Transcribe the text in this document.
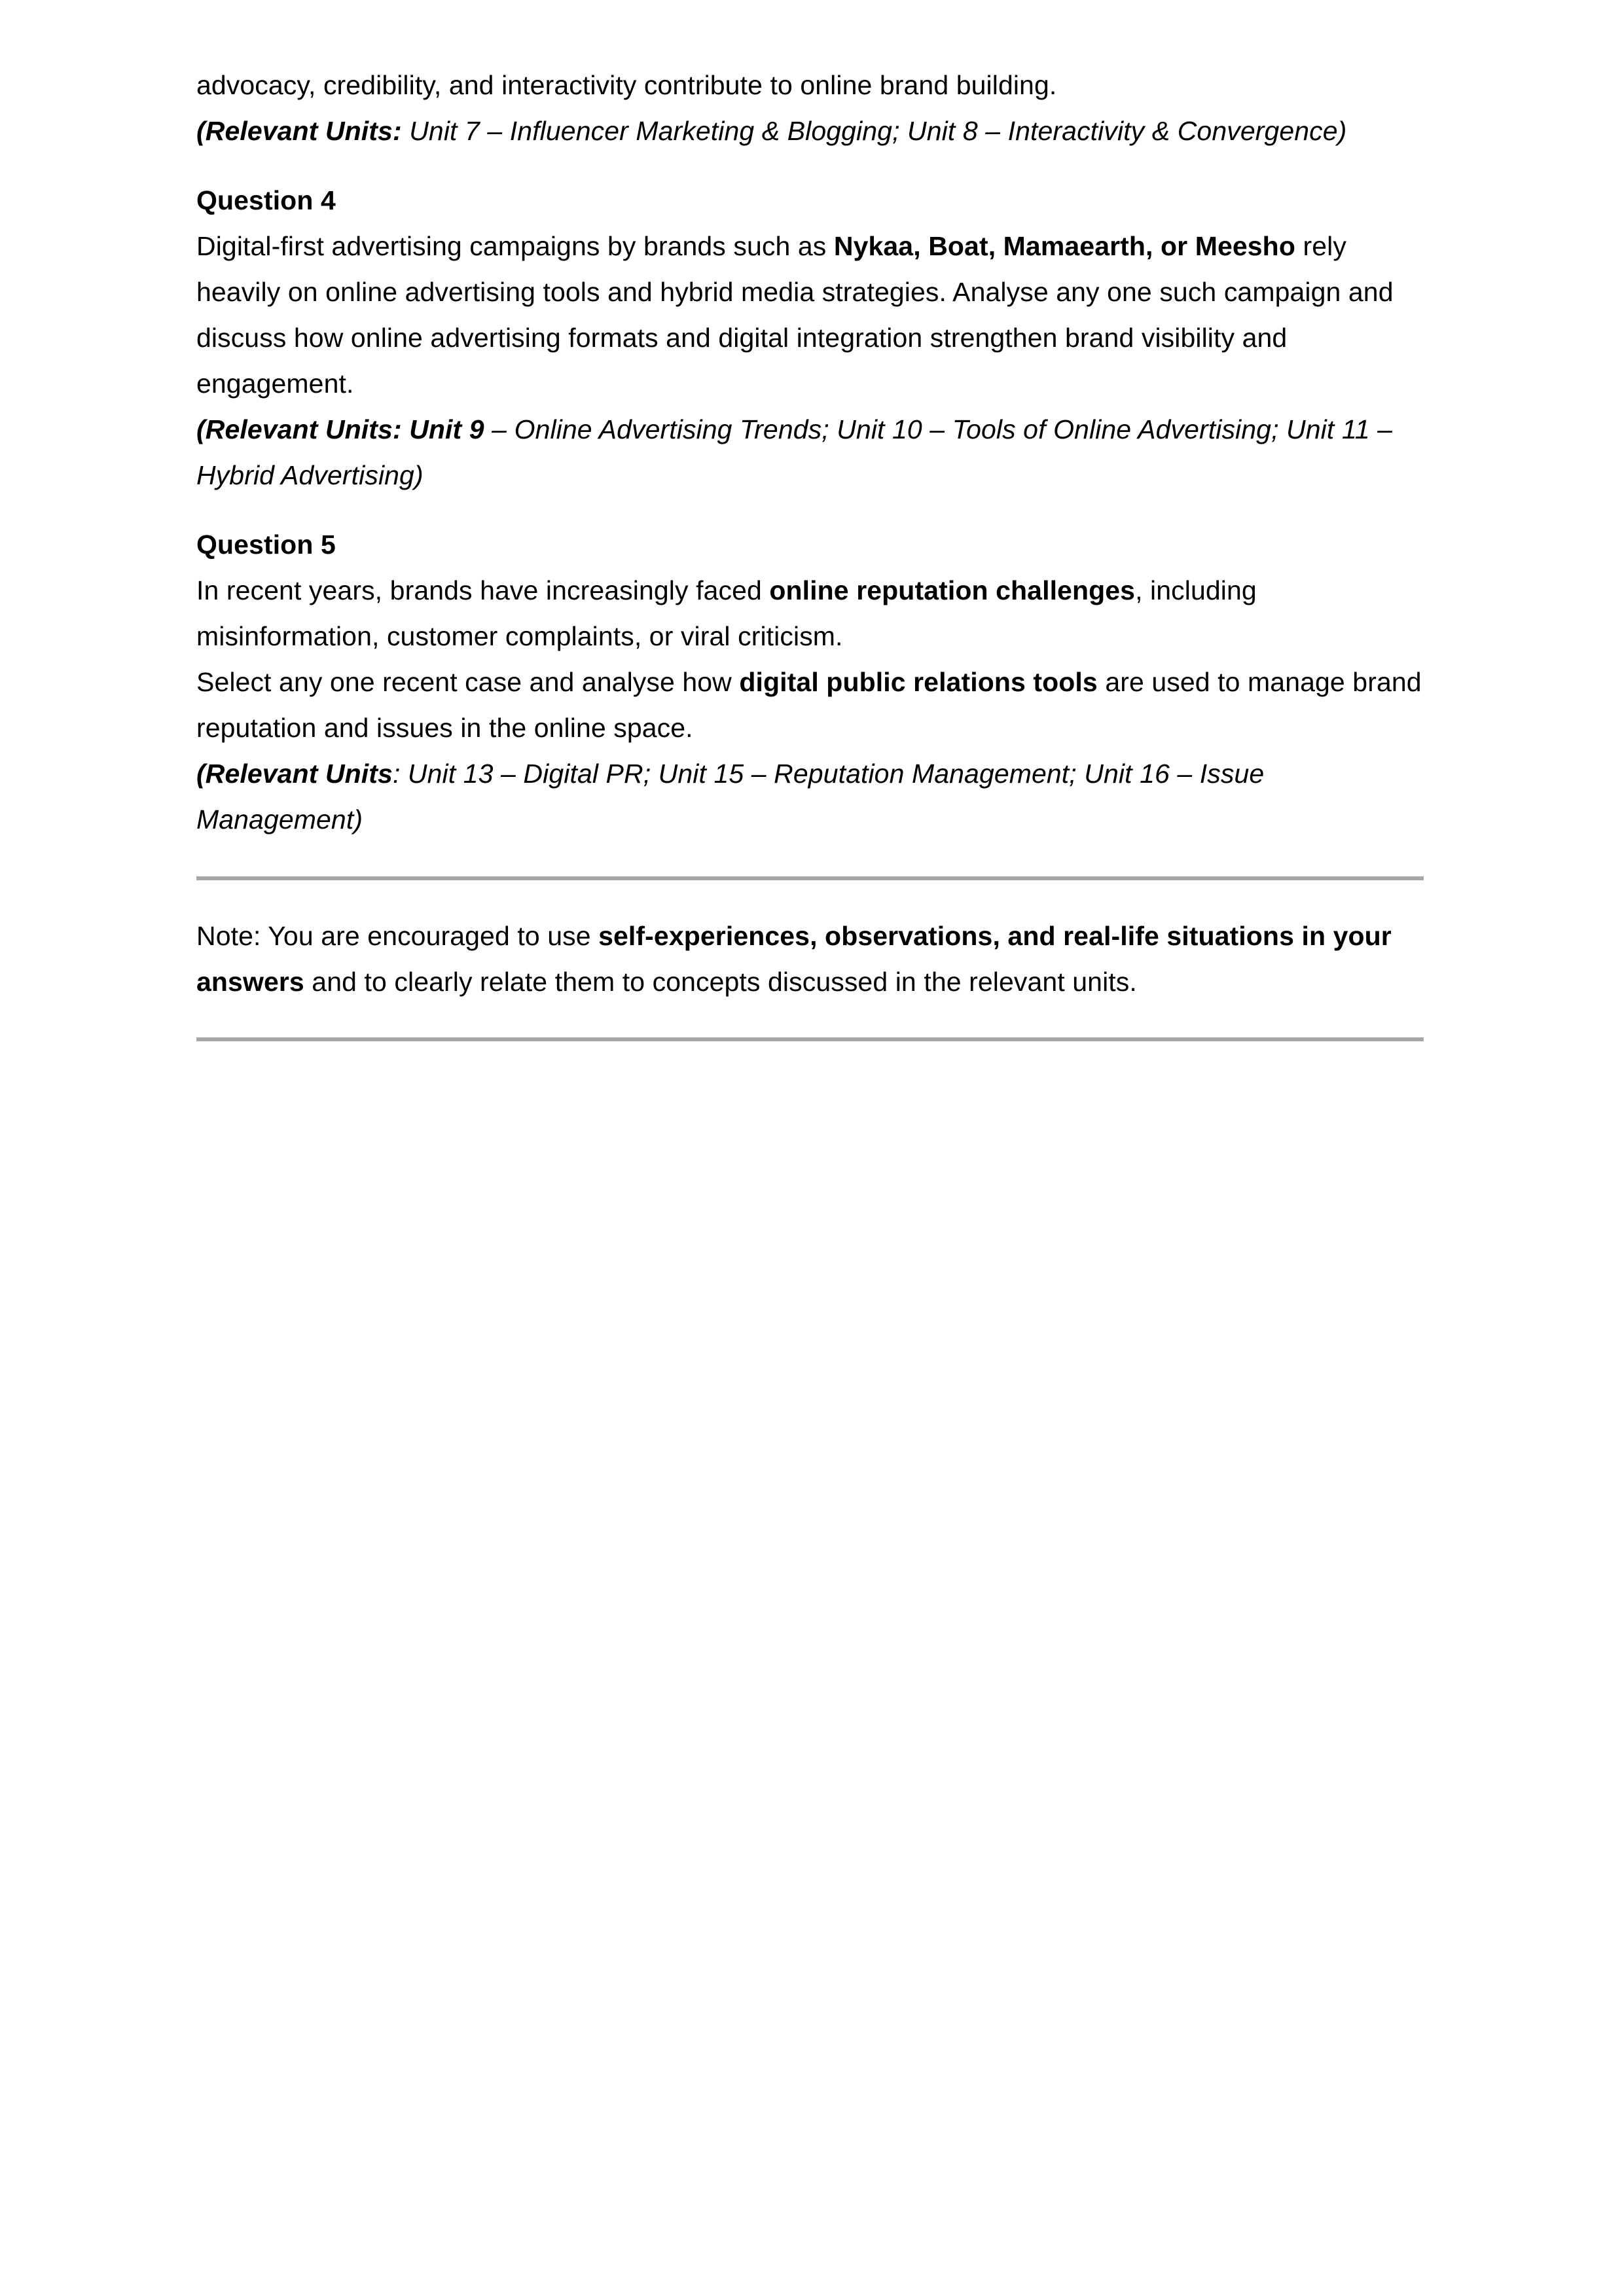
advocacy, credibility, and interactivity contribute to online brand building.

(Relevant Units: Unit 7 – Influencer Marketing & Blogging; Unit 8 – Interactivity & Convergence)

Question 4

Digital-first advertising campaigns by brands such as Nykaa, Boat, Mamaearth, or Meesho rely heavily on online advertising tools and hybrid media strategies. Analyse any one such campaign and discuss how online advertising formats and digital integration strengthen brand visibility and engagement.

(Relevant Units: Unit 9 – Online Advertising Trends; Unit 10 – Tools of Online Advertising; Unit 11 – Hybrid Advertising)

Question 5

In recent years, brands have increasingly faced online reputation challenges, including misinformation, customer complaints, or viral criticism.

Select any one recent case and analyse how digital public relations tools are used to manage brand reputation and issues in the online space.

(Relevant Units: Unit 13 – Digital PR; Unit 15 – Reputation Management; Unit 16 – Issue Management)

Note: You are encouraged to use self-experiences, observations, and real-life situations in your answers and to clearly relate them to concepts discussed in the relevant units.
